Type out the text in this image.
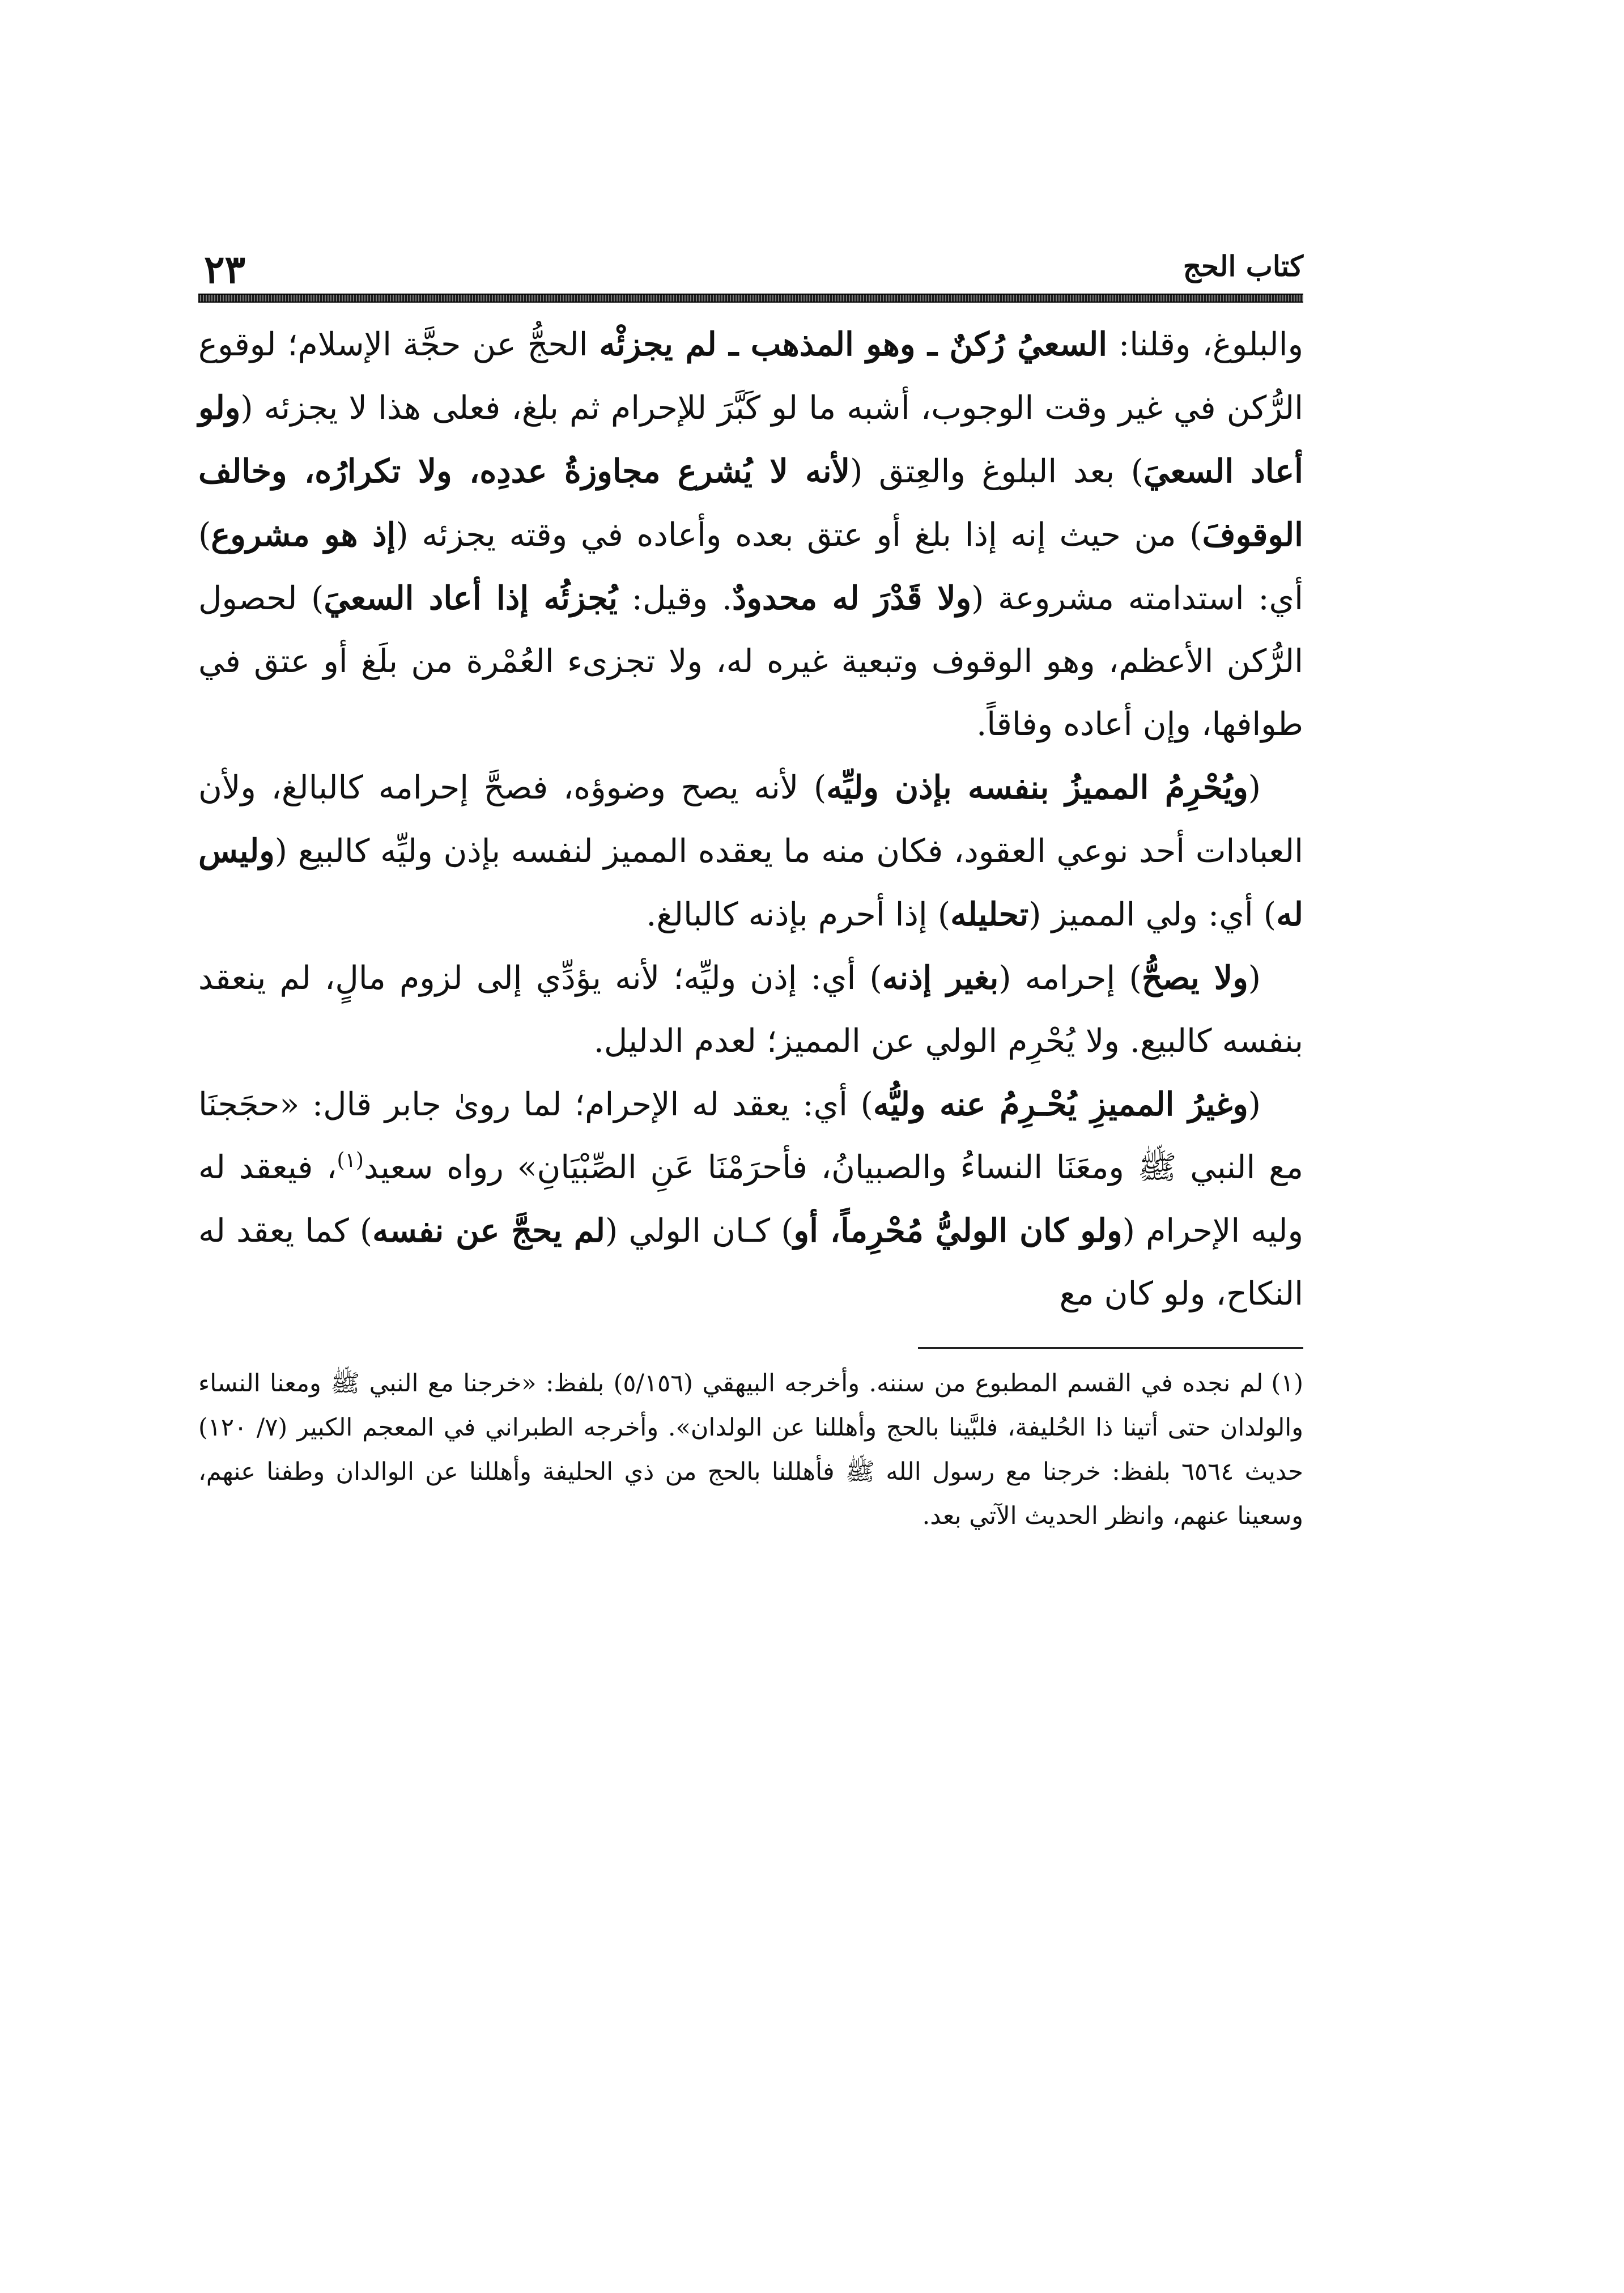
كتاب الحج
٢٣

والبلوغ، وقلنا: السعيُ رُكنٌ ـ وهو المذهب ـ لم يجزئْه الحجُّ عن حجَّة الإسلام؛ لوقوع الرُّكن في غير وقت الوجوب، أشبه ما لو كَبَّرَ للإحرام ثم بلغ، فعلى هذا لا يجزئه (ولو أعاد السعيَ) بعد البلوغ والعِتق (لأنه لا يُشرع مجاوزةُ عددِه، ولا تكرارُه، وخالف الوقوفَ) من حيث إنه إذا بلغ أو عتق بعده وأعاده في وقته يجزئه (إذ هو مشروع) أي: استدامته مشروعة (ولا قَدْرَ له محدودٌ. وقيل: يُجزئُه إذا أعاد السعيَ) لحصول الرُّكن الأعظم، وهو الوقوف وتبعية غيره له، ولا تجزىء العُمْرة من بلَغ أو عتق في طوافها، وإن أعاده وفاقاً.

(ويُحْرِمُ المميزُ بنفسه بإذن وليِّه) لأنه يصح وضوؤه، فصحَّ إحرامه كالبالغ، ولأن العبادات أحد نوعي العقود، فكان منه ما يعقده المميز لنفسه بإذن وليِّه كالبيع (وليس له) أي: ولي المميز (تحليله) إذا أحرم بإذنه كالبالغ.

(ولا يصحُّ) إحرامه (بغير إذنه) أي: إذن وليِّه؛ لأنه يؤدِّي إلى لزوم مالٍ، لم ينعقد بنفسه كالبيع. ولا يُحْرِم الولي عن المميز؛ لعدم الدليل.

(وغيرُ المميزِ يُحْـرِمُ عنه وليُّه) أي: يعقد له الإحرام؛ لما روىٰ جابر قال: «حجَجنَا مع النبي ﷺ ومعَنَا النساءُ والصبيانُ، فأحرَمْنَا عَنِ الصِّبْيَانِ» رواه سعيد$^{(١)}$، فيعقد له وليه الإحرام (ولو كان الوليُّ مُحْرِماً، أو) كـان الولي (لم يحجَّ عن نفسه) كما يعقد له النكاح، ولو كان مع

(١)لم نجده في القسم المطبوع من سننه. وأخرجه البيهقي (٥/١٥٦) بلفظ: «خرجنا مع النبي ﷺ ومعنا النساء والولدان حتى أتينا ذا الحُليفة، فلبَّينا بالحج وأهللنا عن الولدان». وأخرجه الطبراني في المعجم الكبير (٧/ ١٢٠) حديث ٦٥٦٤ بلفظ: خرجنا مع رسول الله ﷺ فأهللنا بالحج من ذي الحليفة وأهللنا عن الوالدان وطفنا عنهم، وسعينا عنهم، وانظر الحديث الآتي بعد.
